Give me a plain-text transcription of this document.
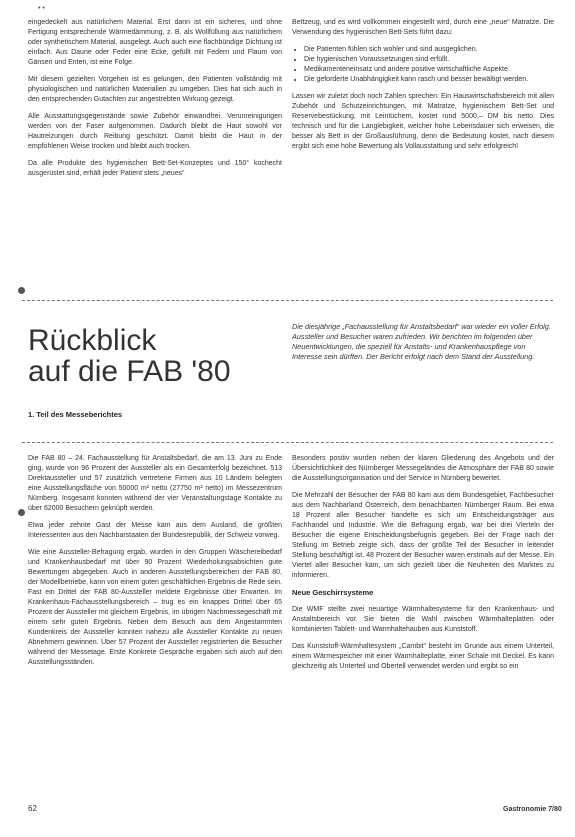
• •

eingedeckelt aus natürlichem Material. Erst dann ist ein sicheres, und ohne Fertigung entsprechende Wärmedämmung, z. B. als Wollfüllung aus natürlichem oder synthetischem Material, ausgelegt. Auch auch eine flachbündige Dichtung ist einfach. Aus Daune oder Feder eine Ecke, gefüllt mit Federn und Flaum von Gänsen und Enten, ist eine Folge.

Mit diesem gezielten Vorgehen ist es gelungen, den Patienten vollständig mit physiologischen und natürlichen Materialien zu umgeben. Dies hat sich auch in den entsprechenden Gutachten zur angestrebten Wirkung gezeigt.

Alle Ausstattungsgegenstände sowie Zubehör einwandfrei. Verunreinigungen werden von der Faser aufgenommen. Dadurch bleibt die Haut sowohl vor Hautreizungen durch Reibung geschützt. Damit bleibt die Haut in der empfohlenen Weise trocken und bleibt auch trocken.

Da alle Produkte des hygienischen Bett-Set-Konzeptes und 150° kochecht ausgerüstet sind, erhält jeder Patient stets „neues“

Bettzeug, und es wird vollkommen eingestellt wird, durch eine „neue“ Matratze. Die Verwendung des hygienischen Bett-Sets führt dazu:

• Die Patienten fühlen sich wohler und sind ausgeglichen.
• Die hygienischen Voraussetzungen sind erfüllt.
• Medikamenteneinsatz und andere positive wirtschaftliche Aspekte.
• Die geforderte Unabhängigkeit kann rasch und besser bewältigt werden.

Lassen wir zuletzt doch noch Zahlen sprechen: Ein Hauswirtschaftsbereich mit allen Zubehör und Schutzeinrichtungen, mit Matratze, hygienischem Bett-Set und Reservebestückung, mit Leintüchern, kostet rund 5000,– DM bis netto. Dies technisch und für die Langlebigkeit, welcher hohe Lebensdauer sich erweisen, die besser als Bett in der Großausführung, denn die Bedeutung kostet, nach diesem ergibt sich eine hohe Bewertung als Vollausstattung und sehr erfolgreich!

Rückblick
auf die FAB '80
Die diesjährige „Fachausstellung für Anstaltsbedarf“ war wieder ein voller Erfolg. Aussteller und Besucher waren zufrieden. Wir berichten im folgenden über Neuentwicklungen, die speziell für Anstalts- und Krankenhauspflege von Interesse sein dürften. Der Bericht erfolgt nach dem Stand der Ausstellung.
1. Teil des Messeberichtes

Die FAB 80 – 24. Fachausstellung für Anstaltsbedarf, die am 13. Juni zu Ende ging, wurde von 96 Prozent der Aussteller als ein Gesamterfolg bezeichnet. 513 Direktaussteller und 57 zusätzlich vertretene Firmen aus 10 Ländern belegten eine Ausstellungsfläche von 50000 m² netto (27750 m² netto) im Messezentrum Nürnberg. Insgesamt konnten während der vier Veranstaltungstage Kontakte zu über 62000 Besuchern geknüpft werden.

Etwa jeder zehnte Gast der Messe kam aus dem Ausland, die größten Interessenten aus den Nachbarstaaten der Bundesrepublik, der Schweiz vorweg.

Wie eine Aussteller-Befragung ergab, wurden in den Gruppen Wäschereibedarf und Krankenhausbedarf mit über 90 Prozent Wiederholungsabsichten gute Bewertungen abgegeben. Auch in anderen Ausstellungsbereichen der FAB 80, der Modellbetriebe, kann von einem guten geschäftlichen Ergebnis die Rede sein. Fast ein Drittel der FAB 80-Aussteller meldete Ergebnisse über Erwarten. Im Krankenhaus-Fachausstellungsbereich – trug es ein knappes Drittel über 65 Prozent der Aussteller mit gleichem Ergebnis, im übrigen Nachmessegeschäft mit einem sehr guten Ergebnis. Neben dem Besuch aus dem Angestammten Kundenkreis der Aussteller konnten nahezu alle Aussteller Kontakte zu neuen Abnehmern gewinnen. Über 57 Prozent der Aussteller registrierten die Besucher während der Messetage. Erste Konkrete Gespräche ergaben sich auch auf den Ausstellungsständen.

Besonders positiv wurden neben der klaren Gliederung des Angebots und der Übersichtlichkeit des Nürnberger Messegeländes die Atmosphäre der FAB 80 sowie die Ausstellungsorganisation und der Service in Nürnberg bewertet.

Die Mehrzahl der Besucher der FAB 80 kam aus dem Bundesgebiet, Fachbesucher aus dem Nachbarland Österreich, dem benachbarten Nürnberger Raum. Bei etwa 18 Prozent aller Besucher handelte es sich um Entscheidungsträger aus Fachhandel und Industrie. Wie die Befragung ergab, war bei drei Vierteln der Besucher die eigene Entscheidungsbefugnis gegeben. Bei der Frage nach der Stellung im Betrieb zeigte sich, dass der größte Teil der Besucher in leitender Stellung beschäftigt ist. 48 Prozent der Besucher waren erstmals auf der Messe. Ein Viertel aller Besucher kam, um sich gezielt über die Neuheiten des Marktes zu informieren.

Neue Geschirrsysteme

Die WMF stellte zwei neuartige Wärmhaltesysteme für den Krankenhaus- und Anstaltsbereich vor. Sie bieten die Wahl zwischen Wärmhalteplatten oder kombinierten Tablett- und Warmhaltehauben aus Kunststoff.

Das Kunststoff-Wärmhaltesystem „Cambit“ besteht im Grunde aus einem Unterteil, einem Wärmespeicher mit einer Warmhalteplatte, einer Schale mit Deckel. Es kann gleichzeitig als Unterteil und Obertell verwendet werden und ergibt so ein

62	Gastronomie 7/80
